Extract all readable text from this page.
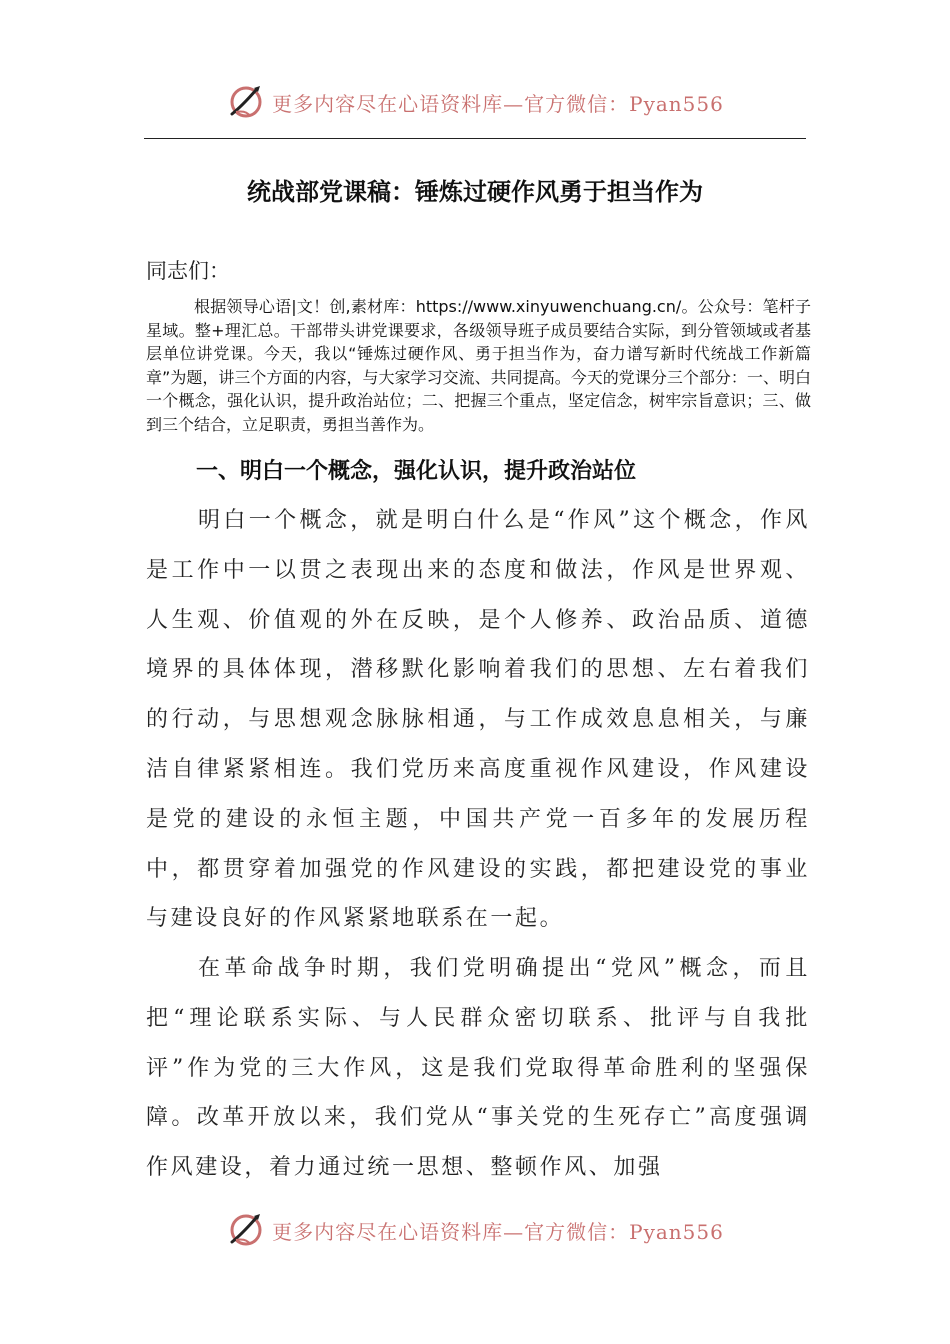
更多内容尽在心语资料库—官方微信：Pyan556
统战部党课稿：锤炼过硬作风勇于担当作为
同志们：

根据领导心语|文！创,素材库：https://www.xinyuwenchuang.cn/。公众号：笔杆子星域。整+理汇总。干部带头讲党课要求，各级领导班子成员要结合实际，到分管领域或者基层单位讲党课。今天，我以“锤炼过硬作风、勇于担当作为，奋力谱写新时代统战工作新篇章”为题，讲三个方面的内容，与大家学习交流、共同提高。今天的党课分三个部分：一、明白一个概念，强化认识，提升政治站位；二、把握三个重点，坚定信念，树牢宗旨意识；三、做到三个结合，立足职责，勇担当善作为。

一、明白一个概念，强化认识，提升政治站位

明白一个概念，就是明白什么是“作风”这个概念，作风是工作中一以贯之表现出来的态度和做法，作风是世界观、人生观、价值观的外在反映，是个人修养、政治品质、道德境界的具体体现，潜移默化影响着我们的思想、左右着我们的行动，与思想观念脉脉相通，与工作成效息息相关，与廉洁自律紧紧相连。我们党历来高度重视作风建设，作风建设是党的建设的永恒主题，中国共产党一百多年的发展历程中，都贯穿着加强党的作风建设的实践，都把建设党的事业与建设良好的作风紧紧地联系在一起。

在革命战争时期，我们党明确提出“党风”概念，而且把“理论联系实际、与人民群众密切联系、批评与自我批评”作为党的三大作风，这是我们党取得革命胜利的坚强保障。改革开放以来，我们党从“事关党的生死存亡”高度强调作风建设，着力通过统一思想、整顿作风、加强

更多内容尽在心语资料库—官方微信：Pyan556
